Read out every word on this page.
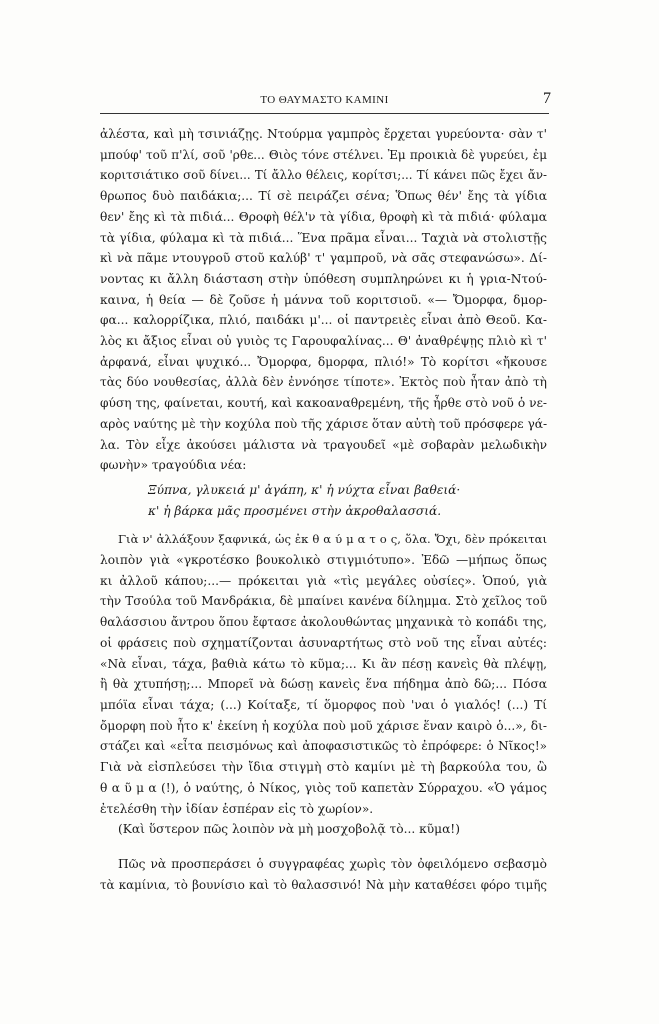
ΤΟ ΘΑΥΜΑΣΤΟ ΚΑΜΙΝΙ	7
ἀλέστα, καὶ μὴ τσινιάζῃς. Ντούρμα γαμπρὸς ἔρχεται γυρεύοντα· σὰν τ'
μπούφ' τοῦ π'λί, σοῦ 'ρθε... Θιὸς τόνε στέλνει. Ἐμ προικιὰ δὲ γυρεύει, ἐμ
κοριτσιάτικο σοῦ δίνει... Τί ἄλλο θέλεις, κορίτσι;... Τί κάνει πῶς ἔχει ἄν-
θρωπος δυὸ παιδάκια;... Τί σὲ πειράζει σένα; Ὅπως θέν' ἔης τὰ γίδια
θεν' ἔης κὶ τὰ πιδιά... Θροφὴ θέλ'ν τὰ γίδια, θροφὴ κὶ τὰ πιδιά· φύλαμα
τὰ γίδια, φύλαμα κὶ τὰ πιδιά... Ἕνα πρᾶμα εἶναι... Ταχιὰ νὰ στολιστῇς
κὶ νὰ πᾶμε ντουγροῦ στοῦ καλύβ' τ' γαμπροῦ, νὰ σᾶς στεφανώσω». Δί-
νοντας κι ἄλλη διάσταση στὴν ὑπόθεση συμπληρώνει κι ἡ γρια-Ντού-
καινα, ἡ θεία — δὲ ζοῦσε ἡ μάννα τοῦ κοριτσιοῦ. «— Ὄμορφα, δμορ-
φα... καλορρίζικα, πλιό, παιδάκι μ'... οἱ παντρειὲς εἶναι ἀπὸ Θεοῦ. Κα-
λὸς κι ἄξιος εἶναι οὐ γυιὸς τς Γαρουφαλίνας... Θ' ἀναθρέψῃς πλιὸ κὶ τ'
ἀρφανά, εἶναι ψυχικό... Ὄμορφα, δμορφα, πλιό!» Τὸ κορίτσι «ἤκουσε
τὰς δύο νουθεσίας, ἀλλὰ δὲν ἐννόησε τίποτε». Ἐκτὸς ποὺ ἦταν ἀπὸ τὴ
φύση της, φαίνεται, κουτή, καὶ κακοαναθρεμένη, τῆς ἦρθε στὸ νοῦ ὁ νε-
αρὸς ναύτης μὲ τὴν κοχύλα ποὺ τῆς χάρισε ὅταν αὐτὴ τοῦ πρόσφερε γά-
λα. Τὸν εἶχε ἀκούσει μάλιστα νὰ τραγουδεῖ «μὲ σοβαρὰν μελωδικὴν
φωνὴν» τραγούδια νέα:
Ξύπνα, γλυκειά μ' ἀγάπη, κ' ἡ νύχτα εἶναι βαθειά·
κ' ἡ βάρκα μᾶς προσμένει στὴν ἀκροθαλασσιά.
Γιὰ ν' ἀλλάξουν ξαφνικά, ὡς ἐκ θ α ύ μ α τ ο ς, ὅλα. Ὄχι, δὲν πρόκειται
λοιπὸν γιὰ «γκροτέσκο βουκολικὸ στιγμιότυπο». Ἐδῶ —μήπως ὅπως
κι ἀλλοῦ κάπου;...— πρόκειται γιὰ «τὶς μεγάλες οὐσίες». Ὁπού, γιὰ
τὴν Τσούλα τοῦ Μανδράκια, δὲ μπαίνει κανένα δίλημμα. Στὸ χεῖλος τοῦ
θαλάσσιου ἄντρου ὅπου ἔφτασε ἀκολουθώντας μηχανικὰ τὸ κοπάδι της,
οἱ φράσεις ποὺ σχηματίζονται ἀσυναρτήτως στὸ νοῦ της εἶναι αὐτές:
«Νὰ εἶναι, τάχα, βαθιὰ κάτω τὸ κῦμα;... Κι ἂν πέσῃ κανεὶς θὰ πλέψῃ,
ἢ θὰ χτυπήσῃ;... Μπορεῖ νὰ δώσῃ κανεὶς ἕνα πήδημα ἀπὸ δῶ;... Πόσα
μπόϊα εἶναι τάχα; (...) Κοίταξε, τί ὅμορφος ποὺ 'ναι ὁ γιαλός! (...) Τί
ὄμορφη ποὺ ἦτο κ' ἐκείνη ἡ κοχύλα ποὺ μοῦ χάρισε ἕναν καιρὸ ὁ...», δι-
στάζει καὶ «εἶτα πεισμόνως καὶ ἀποφασιστικῶς τὸ ἐπρόφερε: ὁ Νῖκος!»
Γιὰ νὰ εἰσπλεύσει τὴν ἴδια στιγμὴ στὸ καμίνι μὲ τὴ βαρκούλα του, ὢ
θ α ῦ μ α (!), ὁ ναύτης, ὁ Νίκος, γιὸς τοῦ καπετὰν Σύρραχου. «Ὁ γάμος
ἐτελέσθη τὴν ἰδίαν ἑσπέραν εἰς τὸ χωρίον».
(Καὶ ὕστερον πῶς λοιπὸν νὰ μὴ μοσχοβολᾷ τὸ... κῦμα!)
Πῶς νὰ προσπεράσει ὁ συγγραφέας χωρὶς τὸν ὀφειλόμενο σεβασμὸ
τὰ καμίνια, τὸ βουνίσιο καὶ τὸ θαλασσινό! Νὰ μὴν καταθέσει φόρο τιμῆς
